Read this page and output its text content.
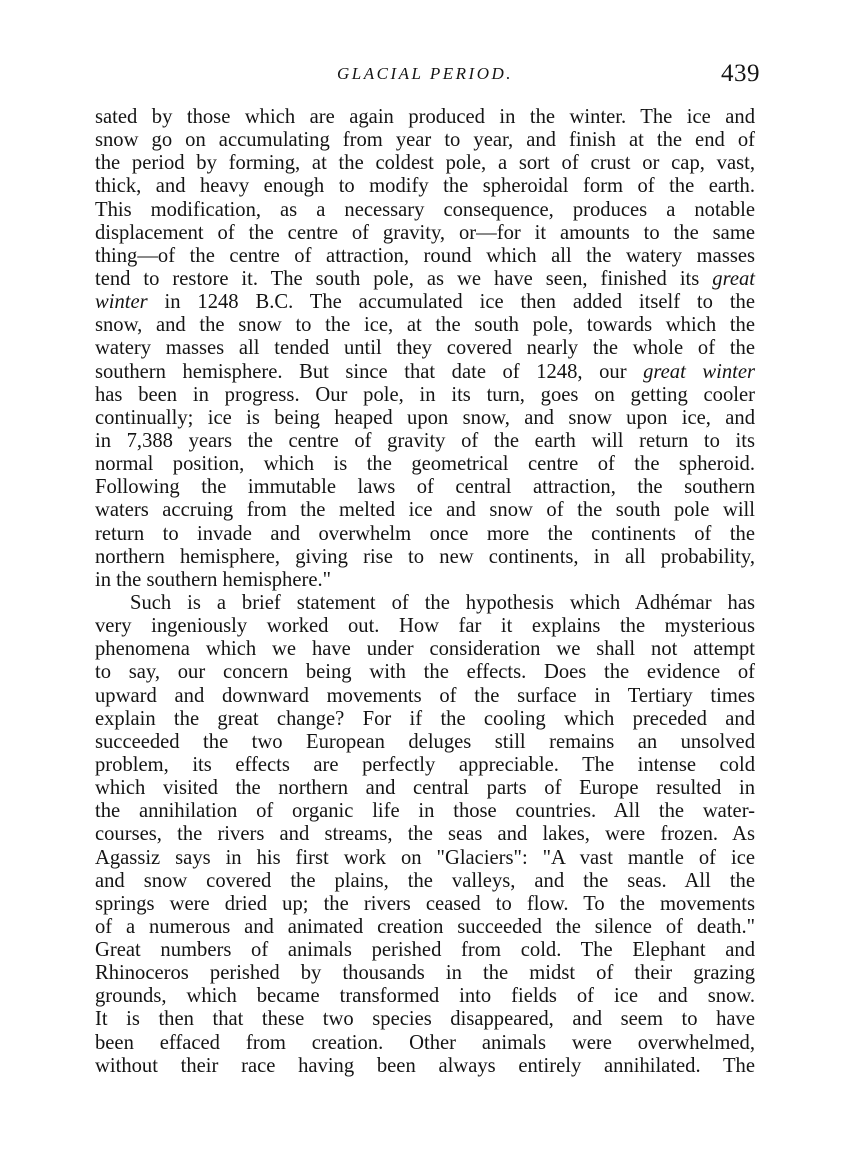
GLACIAL PERIOD.	439
sated by those which are again produced in the winter. The ice and
snow go on accumulating from year to year, and finish at the end of
the period by forming, at the coldest pole, a sort of crust or cap, vast,
thick, and heavy enough to modify the spheroidal form of the earth.
This modification, as a necessary consequence, produces a notable
displacement of the centre of gravity, or—for it amounts to the same
thing—of the centre of attraction, round which all the watery masses
tend to restore it. The south pole, as we have seen, finished its great
winter in 1248 B.C. The accumulated ice then added itself to the
snow, and the snow to the ice, at the south pole, towards which the
watery masses all tended until they covered nearly the whole of the
southern hemisphere. But since that date of 1248, our great winter
has been in progress. Our pole, in its turn, goes on getting cooler
continually; ice is being heaped upon snow, and snow upon ice, and
in 7,388 years the centre of gravity of the earth will return to its
normal position, which is the geometrical centre of the spheroid.
Following the immutable laws of central attraction, the southern
waters accruing from the melted ice and snow of the south pole will
return to invade and overwhelm once more the continents of the
northern hemisphere, giving rise to new continents, in all probability,
in the southern hemisphere."
Such is a brief statement of the hypothesis which Adhémar has
very ingeniously worked out. How far it explains the mysterious
phenomena which we have under consideration we shall not attempt
to say, our concern being with the effects. Does the evidence of
upward and downward movements of the surface in Tertiary times
explain the great change? For if the cooling which preceded and
succeeded the two European deluges still remains an unsolved
problem, its effects are perfectly appreciable. The intense cold
which visited the northern and central parts of Europe resulted in
the annihilation of organic life in those countries. All the water-
courses, the rivers and streams, the seas and lakes, were frozen. As
Agassiz says in his first work on "Glaciers": "A vast mantle of ice
and snow covered the plains, the valleys, and the seas. All the
springs were dried up; the rivers ceased to flow. To the movements
of a numerous and animated creation succeeded the silence of death."
Great numbers of animals perished from cold. The Elephant and
Rhinoceros perished by thousands in the midst of their grazing
grounds, which became transformed into fields of ice and snow.
It is then that these two species disappeared, and seem to have
been effaced from creation. Other animals were overwhelmed,
without their race having been always entirely annihilated. The
